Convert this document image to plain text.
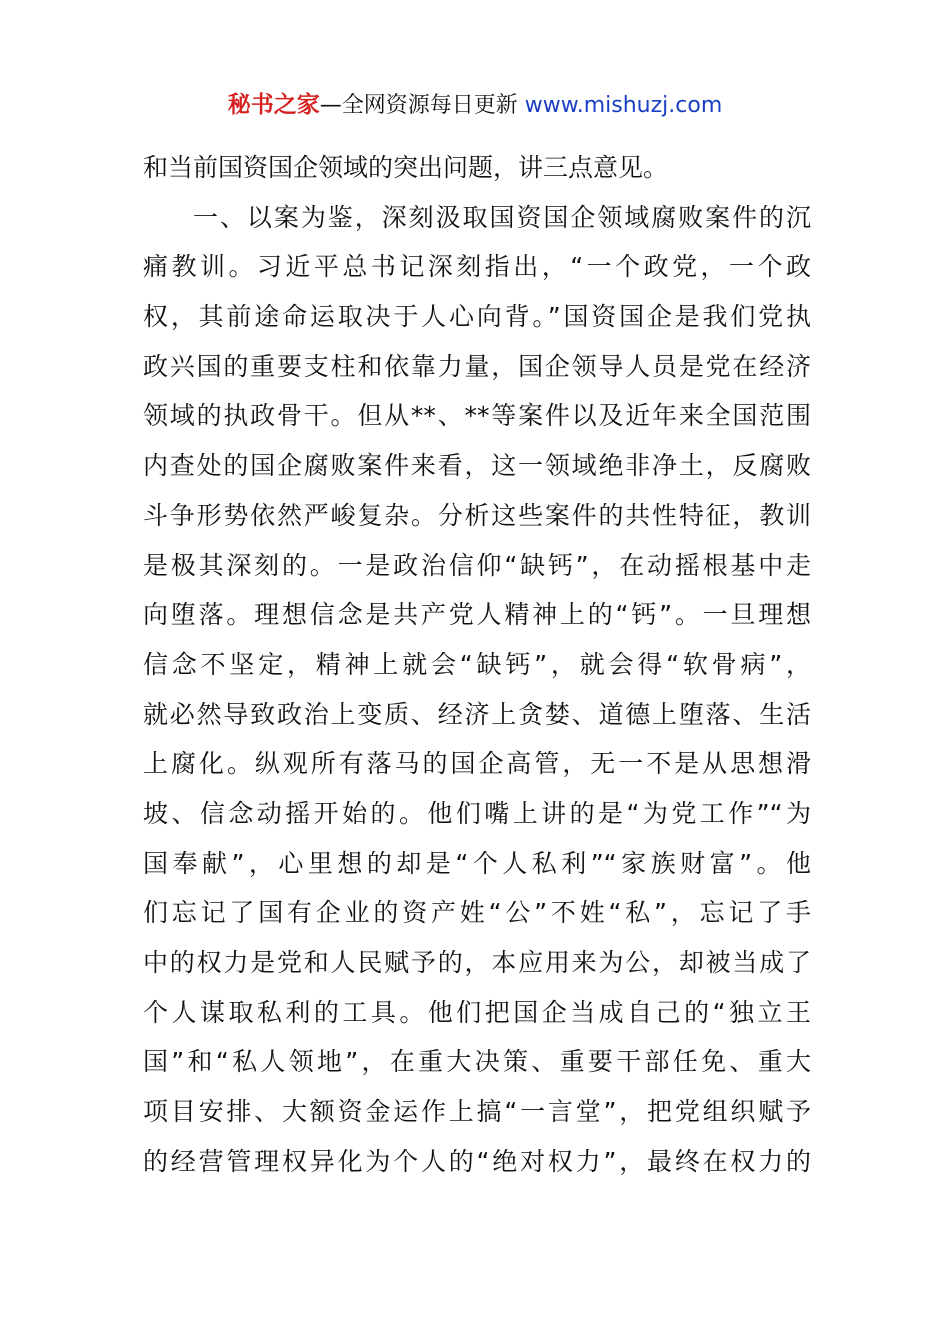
秘书之家—全网资源每日更新 www.mishuzj.com
和当前国资国企领域的突出问题，讲三点意见。
一、以案为鉴，深刻汲取国资国企领域腐败案件的沉
痛教训。习近平总书记深刻指出，“一个政党，一个政
权，其前途命运取决于人心向背。”国资国企是我们党执
政兴国的重要支柱和依靠力量，国企领导人员是党在经济
领域的执政骨干。但从**、**等案件以及近年来全国范围
内查处的国企腐败案件来看，这一领域绝非净土，反腐败
斗争形势依然严峻复杂。分析这些案件的共性特征，教训
是极其深刻的。一是政治信仰“缺钙”，在动摇根基中走
向堕落。理想信念是共产党人精神上的“钙”。一旦理想
信念不坚定，精神上就会“缺钙”，就会得“软骨病”，
就必然导致政治上变质、经济上贪婪、道德上堕落、生活
上腐化。纵观所有落马的国企高管，无一不是从思想滑
坡、信念动摇开始的。他们嘴上讲的是“为党工作”“为
国奉献”，心里想的却是“个人私利”“家族财富”。他
们忘记了国有企业的资产姓“公”不姓“私”，忘记了手
中的权力是党和人民赋予的，本应用来为公，却被当成了
个人谋取私利的工具。他们把国企当成自己的“独立王
国”和“私人领地”，在重大决策、重要干部任免、重大
项目安排、大额资金运作上搞“一言堂”，把党组织赋予
的经营管理权异化为个人的“绝对权力”，最终在权力的
